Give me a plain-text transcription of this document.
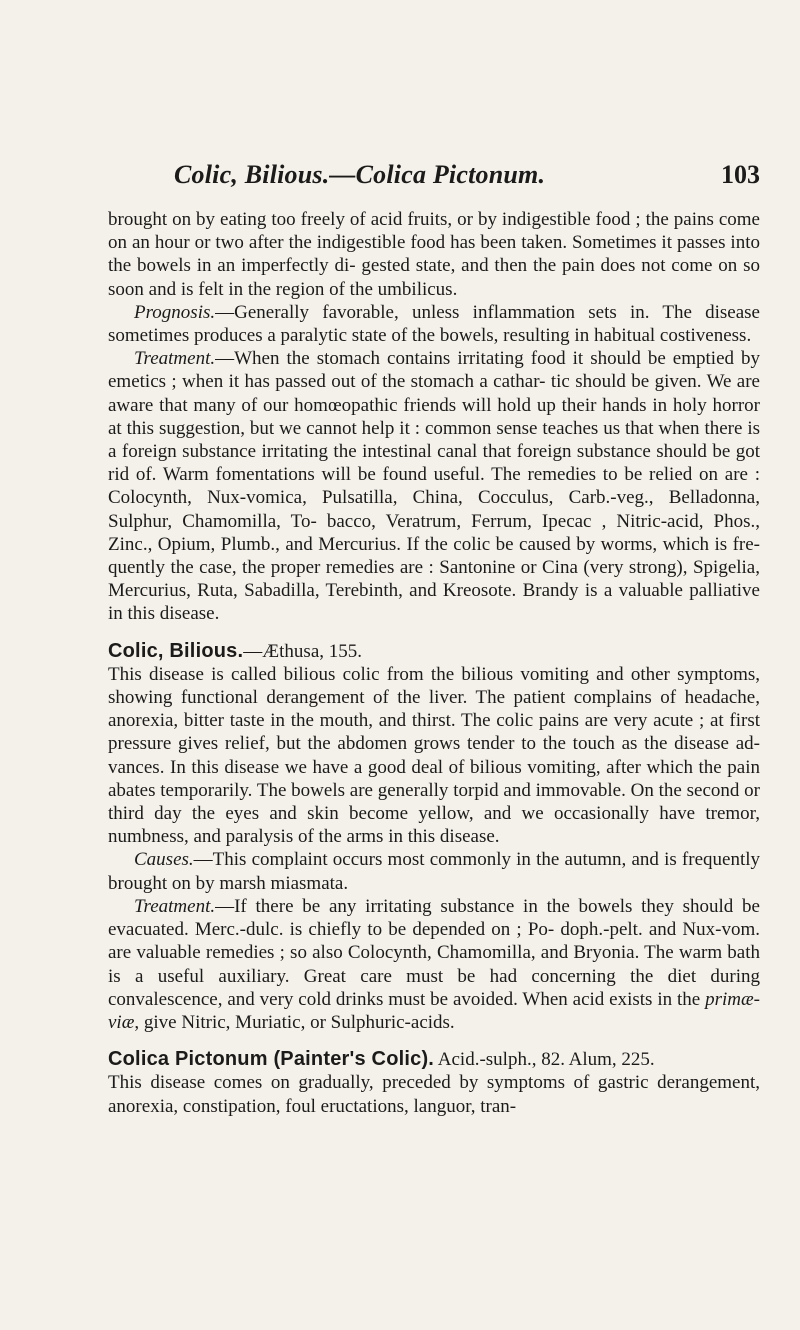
Colic, Bilious.—Colica Pictonum.	103

brought on by eating too freely of acid fruits, or by indigestible food ; the pains come on an hour or two after the indigestible food has been taken. Sometimes it passes into the bowels in an imperfectly di- gested state, and then the pain does not come on so soon and is felt in the region of the umbilicus.

Prognosis.—Generally favorable, unless inflammation sets in. The disease sometimes produces a paralytic state of the bowels, resulting in habitual costiveness.

Treatment.—When the stomach contains irritating food it should be emptied by emetics ; when it has passed out of the stomach a cathar- tic should be given. We are aware that many of our homœopathic friends will hold up their hands in holy horror at this suggestion, but we cannot help it : common sense teaches us that when there is a foreign substance irritating the intestinal canal that foreign substance should be got rid of. Warm fomentations will be found useful. The remedies to be relied on are : Colocynth, Nux-vomica, Pulsatilla, China, Cocculus, Carb.-veg., Belladonna, Sulphur, Chamomilla, To- bacco, Veratrum, Ferrum, Ipecac , Nitric-acid, Phos., Zinc., Opium, Plumb., and Mercurius. If the colic be caused by worms, which is fre- quently the case, the proper remedies are : Santonine or Cina (very strong), Spigelia, Mercurius, Ruta, Sabadilla, Terebinth, and Kreosote. Brandy is a valuable palliative in this disease.

Colic, Bilious.—Æthusa, 155.

This disease is called bilious colic from the bilious vomiting and other symptoms, showing functional derangement of the liver. The patient complains of headache, anorexia, bitter taste in the mouth, and thirst. The colic pains are very acute ; at first pressure gives relief, but the abdomen grows tender to the touch as the disease ad- vances. In this disease we have a good deal of bilious vomiting, after which the pain abates temporarily. The bowels are generally torpid and immovable. On the second or third day the eyes and skin become yellow, and we occasionally have tremor, numbness, and paralysis of the arms in this disease.

Causes.—This complaint occurs most commonly in the autumn, and is frequently brought on by marsh miasmata.

Treatment.—If there be any irritating substance in the bowels they should be evacuated. Merc.-dulc. is chiefly to be depended on ; Po- doph.-pelt. and Nux-vom. are valuable remedies ; so also Colocynth, Chamomilla, and Bryonia. The warm bath is a useful auxiliary. Great care must be had concerning the diet during convalescence, and very cold drinks must be avoided. When acid exists in the primæ-viæ, give Nitric, Muriatic, or Sulphuric-acids.

Colica Pictonum (Painter's Colic). Acid.-sulph., 82. Alum, 225.

This disease comes on gradually, preceded by symptoms of gastric derangement, anorexia, constipation, foul eructations, languor, tran-
